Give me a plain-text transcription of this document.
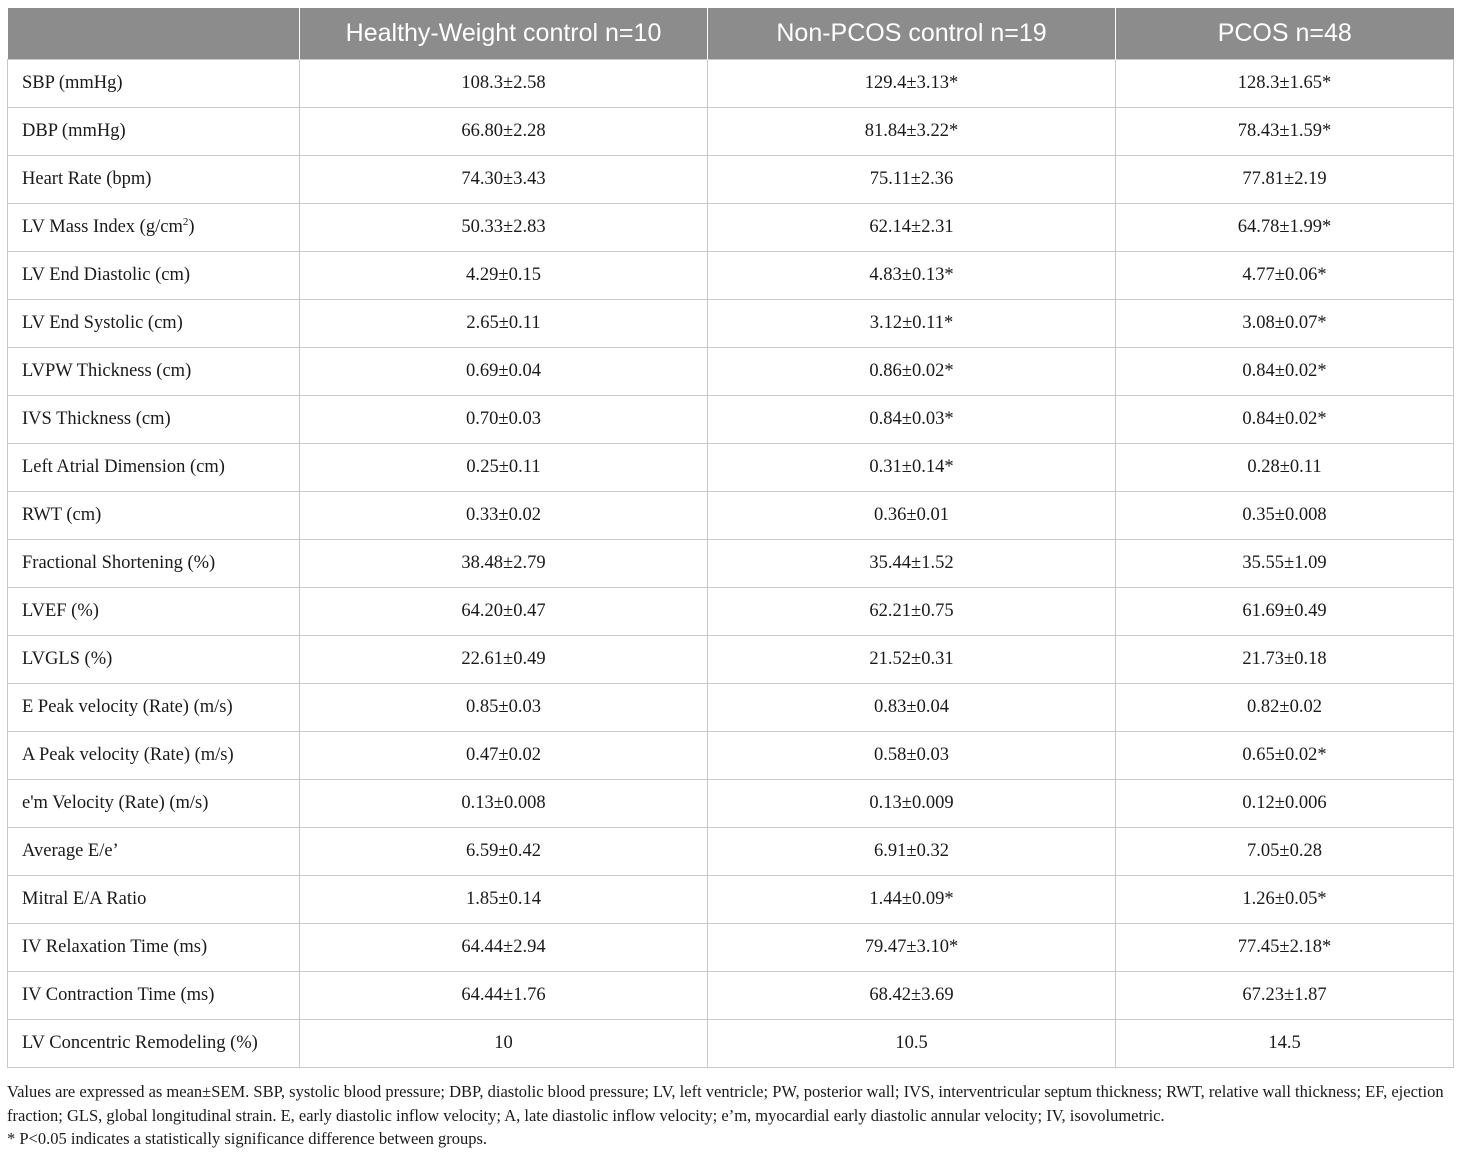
	Healthy-Weight control n=10	Non-PCOS control n=19	PCOS n=48
SBP (mmHg)	108.3±2.58	129.4±3.13*	128.3±1.65*
DBP (mmHg)	66.80±2.28	81.84±3.22*	78.43±1.59*
Heart Rate (bpm)	74.30±3.43	75.11±2.36	77.81±2.19
LV Mass Index $(g/cm^2)$	50.33±2.83	62.14±2.31	64.78±1.99*
LV End Diastolic (cm)	4.29±0.15	4.83±0.13*	4.77±0.06*
LV End Systolic (cm)	2.65±0.11	3.12±0.11*	3.08±0.07*
LVPW Thickness (cm)	0.69±0.04	0.86±0.02*	0.84±0.02*
IVS Thickness (cm)	0.70±0.03	0.84±0.03*	0.84±0.02*
Left Atrial Dimension (cm)	0.25±0.11	0.31±0.14*	0.28±0.11
RWT (cm)	0.33±0.02	0.36±0.01	0.35±0.008
Fractional Shortening (%)	38.48±2.79	35.44±1.52	35.55±1.09
LVEF (%)	64.20±0.47	62.21±0.75	61.69±0.49
LVGLS (%)	22.61±0.49	21.52±0.31	21.73±0.18
E Peak velocity (Rate) (m/s)	0.85±0.03	0.83±0.04	0.82±0.02
A Peak velocity (Rate) (m/s)	0.47±0.02	0.58±0.03	0.65±0.02*
e'm Velocity (Rate) (m/s)	0.13±0.008	0.13±0.009	0.12±0.006
Average E/e’	6.59±0.42	6.91±0.32	7.05±0.28
Mitral E/A Ratio	1.85±0.14	1.44±0.09*	1.26±0.05*
IV Relaxation Time (ms)	64.44±2.94	79.47±3.10*	77.45±2.18*
IV Contraction Time (ms)	64.44±1.76	68.42±3.69	67.23±1.87
LV Concentric Remodeling (%)	10	10.5	14.5

Values are expressed as mean±SEM. SBP, systolic blood pressure; DBP, diastolic blood pressure; LV, left ventricle; PW, posterior wall; IVS, interventricular septum thickness; RWT, relative wall thickness; EF, ejection fraction; GLS, global longitudinal strain. E, early diastolic inflow velocity; A, late diastolic inflow velocity; e’m, myocardial early diastolic annular velocity; IV, isovolumetric.

* P<0.05 indicates a statistically significance difference between groups.
